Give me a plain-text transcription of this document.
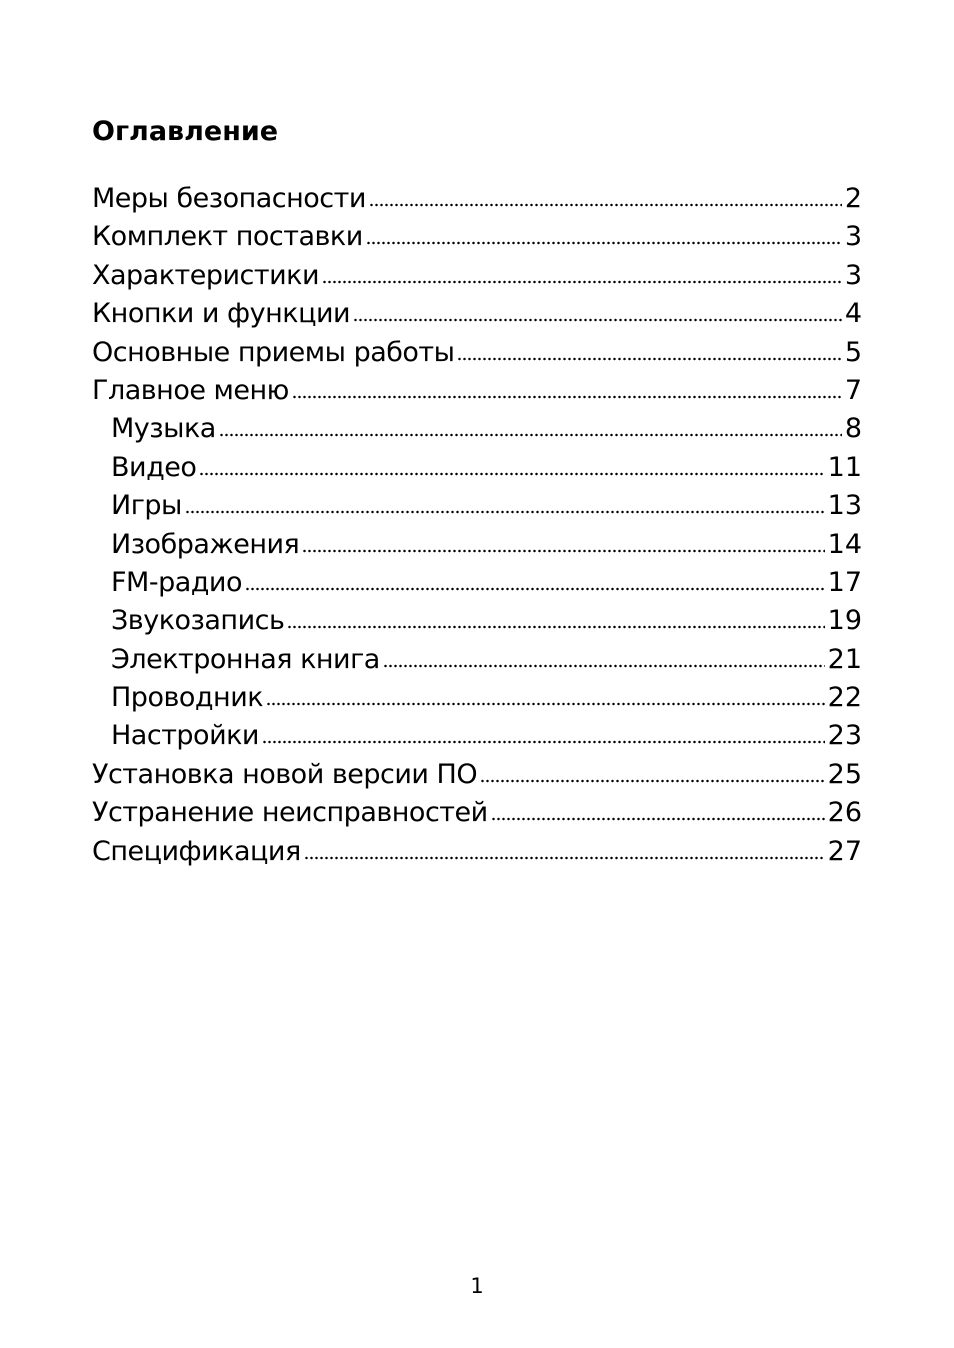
Оглавление
Меры безопасности	2
Комплект поставки	3
Характеристики	3
Кнопки и функции	4
Основные приемы работы	5
Главное меню	7
Музыка	8
Видео	11
Игры	13
Изображения	14
FM-радио	17
Звукозапись	19
Электронная книга	21
Проводник	22
Настройки	23
Установка новой версии ПО	25
Устранение неисправностей	26
Спецификация	27
1
